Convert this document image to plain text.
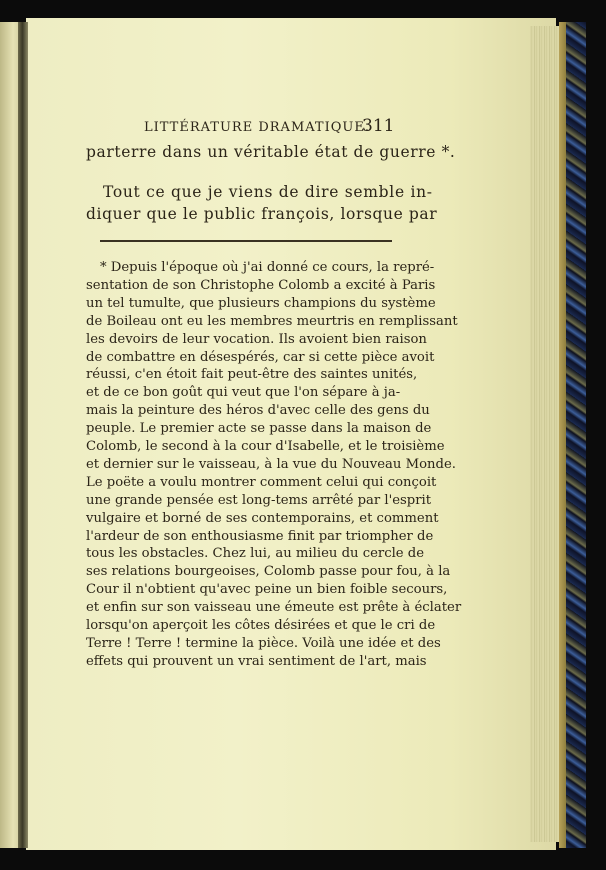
LITTÉRATURE DRAMATIQUE.
311
parterre dans un véritable état de guerre *.
Tout ce que je viens de dire semble in-
diquer que le public françois, lorsque par
* Depuis l'époque où j'ai donné ce cours, la repré-
sentation de son Christophe Colomb a excité à Paris
un tel tumulte, que plusieurs champions du système
de Boileau ont eu les membres meurtris en remplissant
les devoirs de leur vocation. Ils avoient bien raison
de combattre en désespérés, car si cette pièce avoit
réussi, c'en étoit fait peut-être des saintes unités,
et de ce bon goût qui veut que l'on sépare à ja-
mais la peinture des héros d'avec celle des gens du
peuple. Le premier acte se passe dans la maison de
Colomb, le second à la cour d'Isabelle, et le troisième
et dernier sur le vaisseau, à la vue du Nouveau Monde.
Le poëte a voulu montrer comment celui qui conçoit
une grande pensée est long-tems arrêté par l'esprit
vulgaire et borné de ses contemporains, et comment
l'ardeur de son enthousiasme finit par triompher de
tous les obstacles. Chez lui, au milieu du cercle de
ses relations bourgeoises, Colomb passe pour fou, à la
Cour il n'obtient qu'avec peine un bien foible secours,
et enfin sur son vaisseau une émeute est prête à éclater
lorsqu'on aperçoit les côtes désirées et que le cri de
Terre ! Terre ! termine la pièce. Voilà une idée et des
effets qui prouvent un vrai sentiment de l'art, mais
